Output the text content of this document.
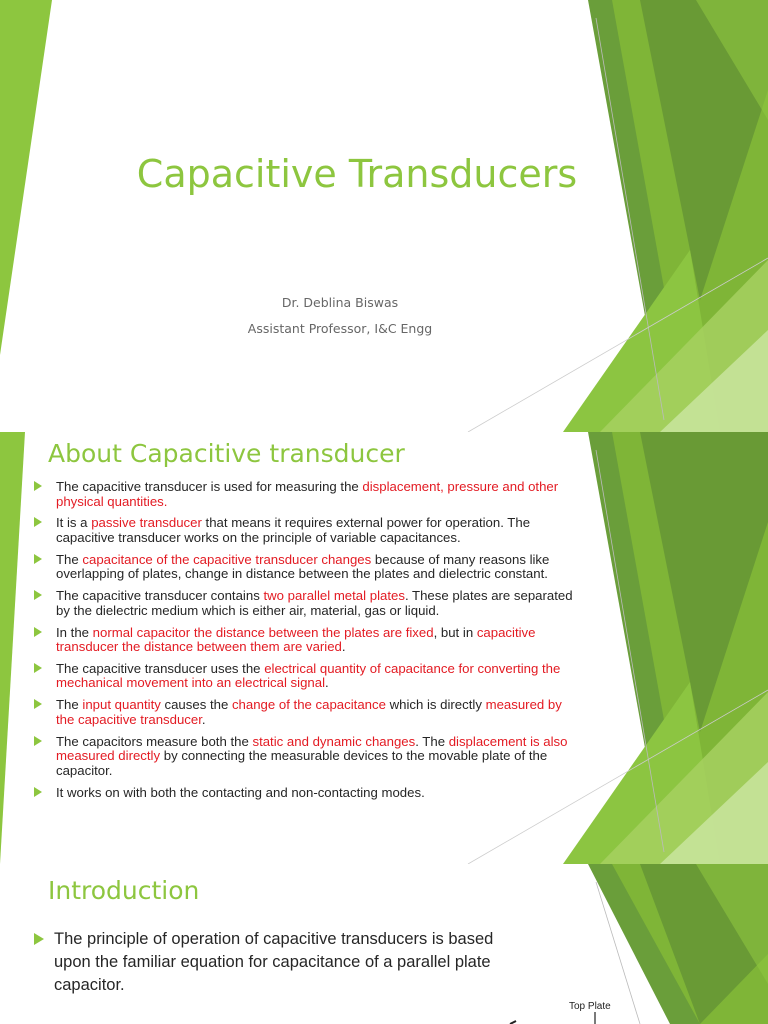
Capacitive Transducers
Dr. Deblina Biswas
Assistant Professor, I&C Engg
About Capacitive transducer
The capacitive transducer is used for measuring the displacement, pressure and other physical quantities.
It is a passive transducer that means it requires external power for operation. The capacitive transducer works on the principle of variable capacitances.
The capacitance of the capacitive transducer changes because of many reasons like overlapping of plates, change in distance between the plates and dielectric constant.
The capacitive transducer contains two parallel metal plates. These plates are separated by the dielectric medium which is either air, material, gas or liquid.
In the normal capacitor the distance between the plates are fixed, but in capacitive transducer the distance between them are varied.
The capacitive transducer uses the electrical quantity of capacitance for converting the mechanical movement into an electrical signal.
The input quantity causes the change of the capacitance which is directly measured by the capacitive transducer.
The capacitors measure both the static and dynamic changes. The displacement is also measured directly by connecting the measurable devices to the movable plate of the capacitor.
It works on with both the contacting and non-contacting modes.
Introduction
The principle of operation of capacitive transducers is based upon the familiar equation for capacitance of a parallel plate capacitor.
Top Plate
